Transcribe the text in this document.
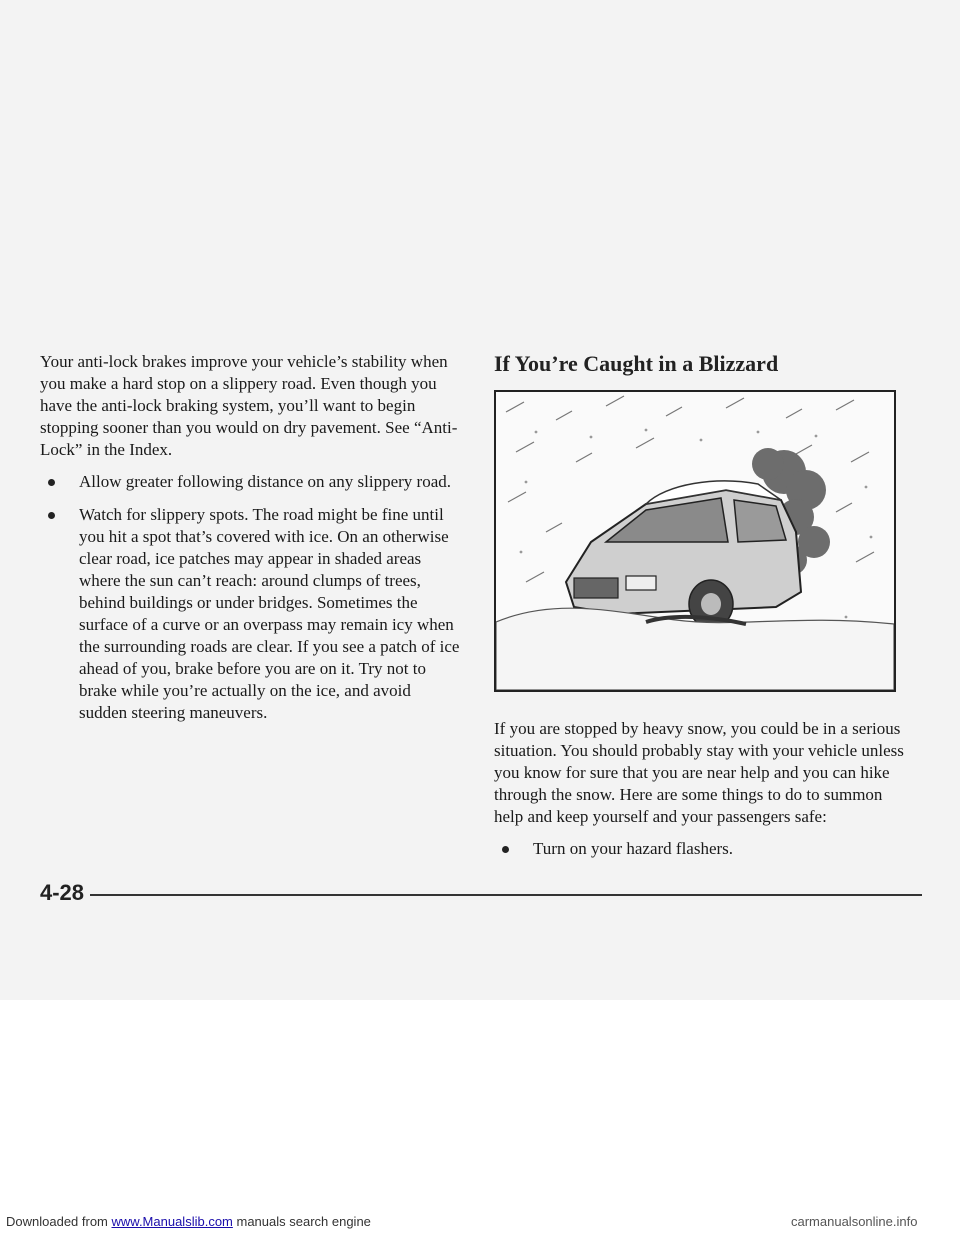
Your anti-lock brakes improve your vehicle’s stability when you make a hard stop on a slippery road. Even though you have the anti-lock braking system, you’ll want to begin stopping sooner than you would on dry pavement. See “Anti-Lock” in the Index.

Allow greater following distance on any slippery road.
Watch for slippery spots. The road might be fine until you hit a spot that’s covered with ice. On an otherwise clear road, ice patches may appear in shaded areas where the sun can’t reach: around clumps of trees, behind buildings or under bridges. Sometimes the surface of a curve or an overpass may remain icy when the surrounding roads are clear. If you see a patch of ice ahead of you, brake before you are on it. Try not to brake while you’re actually on the ice, and avoid sudden steering maneuvers.
If You’re Caught in a Blizzard

If you are stopped by heavy snow, you could be in a serious situation. You should probably stay with your vehicle unless you know for sure that you are near help and you can hike through the snow. Here are some things to do to summon help and keep yourself and your passengers safe:

Turn on your hazard flashers.
4-28
Downloaded from www.Manualslib.com manuals search engine	carmanualsonline.info
